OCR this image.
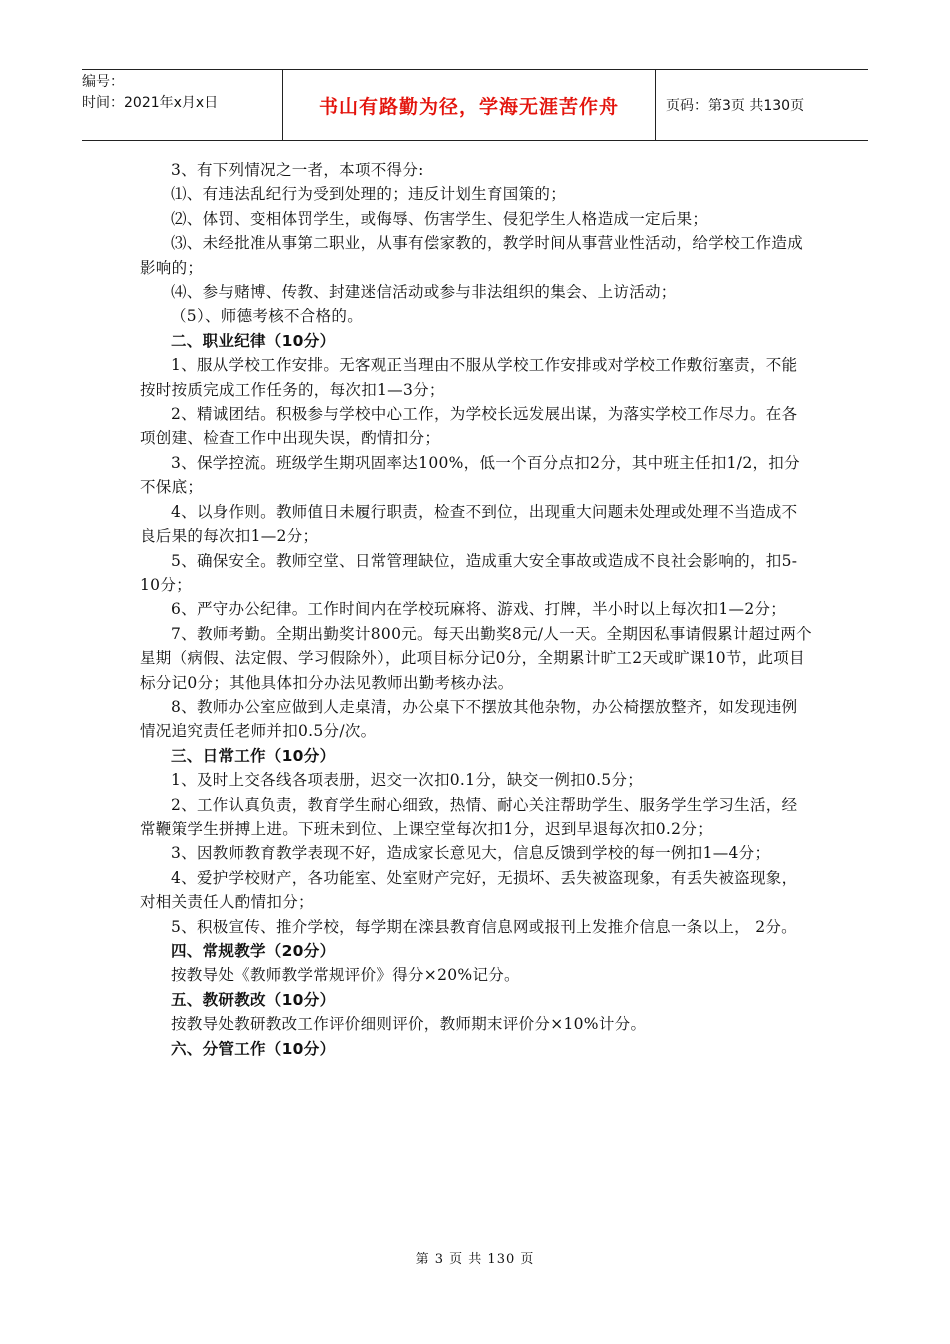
编号：
时间：2021年x月x日	书山有路勤为径，学海无涯苦作舟	页码：第3页 共130页

3、有下列情况之一者，本项不得分:

⑴、有违法乱纪行为受到处理的；违反计划生育国策的；

⑵、体罚、变相体罚学生，或侮辱、伤害学生、侵犯学生人格造成一定后果；

⑶、未经批准从事第二职业，从事有偿家教的，教学时间从事营业性活动，给学校工作造成影响的；

⑷、参与赌博、传教、封建迷信活动或参与非法组织的集会、上访活动；

（5）、师德考核不合格的。

二、职业纪律（10分）

1、服从学校工作安排。无客观正当理由不服从学校工作安排或对学校工作敷衍塞责，不能按时按质完成工作任务的，每次扣1—3分；

2、精诚团结。积极参与学校中心工作，为学校长远发展出谋，为落实学校工作尽力。在各项创建、检查工作中出现失误，酌情扣分；

3、保学控流。班级学生期巩固率达100%，低一个百分点扣2分，其中班主任扣1/2，扣分不保底；

4、以身作则。教师值日未履行职责，检查不到位，出现重大问题未处理或处理不当造成不良后果的每次扣1—2分；

5、确保安全。教师空堂、日常管理缺位，造成重大安全事故或造成不良社会影响的，扣5-10分；

6、严守办公纪律。工作时间内在学校玩麻将、游戏、打牌，半小时以上每次扣1—2分；

7、教师考勤。全期出勤奖计800元。每天出勤奖8元/人一天。全期因私事请假累计超过两个星期（病假、法定假、学习假除外），此项目标分记0分，全期累计旷工2天或旷课10节，此项目标分记0分；其他具体扣分办法见教师出勤考核办法。

8、教师办公室应做到人走桌清，办公桌下不摆放其他杂物，办公椅摆放整齐，如发现违例情况追究责任老师并扣0.5分/次。

三、日常工作（10分）

1、及时上交各线各项表册，迟交一次扣0.1分，缺交一例扣0.5分；

2、工作认真负责，教育学生耐心细致，热情、耐心关注帮助学生、服务学生学习生活，经常鞭策学生拼搏上进。下班未到位、上课空堂每次扣1分，迟到早退每次扣0.2分；

3、因教师教育教学表现不好，造成家长意见大，信息反馈到学校的每一例扣1—4分；

4、爱护学校财产，各功能室、处室财产完好，无损坏、丢失被盗现象，有丢失被盗现象，对相关责任人酌情扣分；

5、积极宣传、推介学校，每学期在滦县教育信息网或报刊上发推介信息一条以上， 2分。

四、常规教学（20分）

按教导处《教师教学常规评价》得分×20%记分。

五、教研教改（10分）

按教导处教研教改工作评价细则评价，教师期末评价分×10%计分。

六、分管工作（10分）

第 3 页 共 130 页
